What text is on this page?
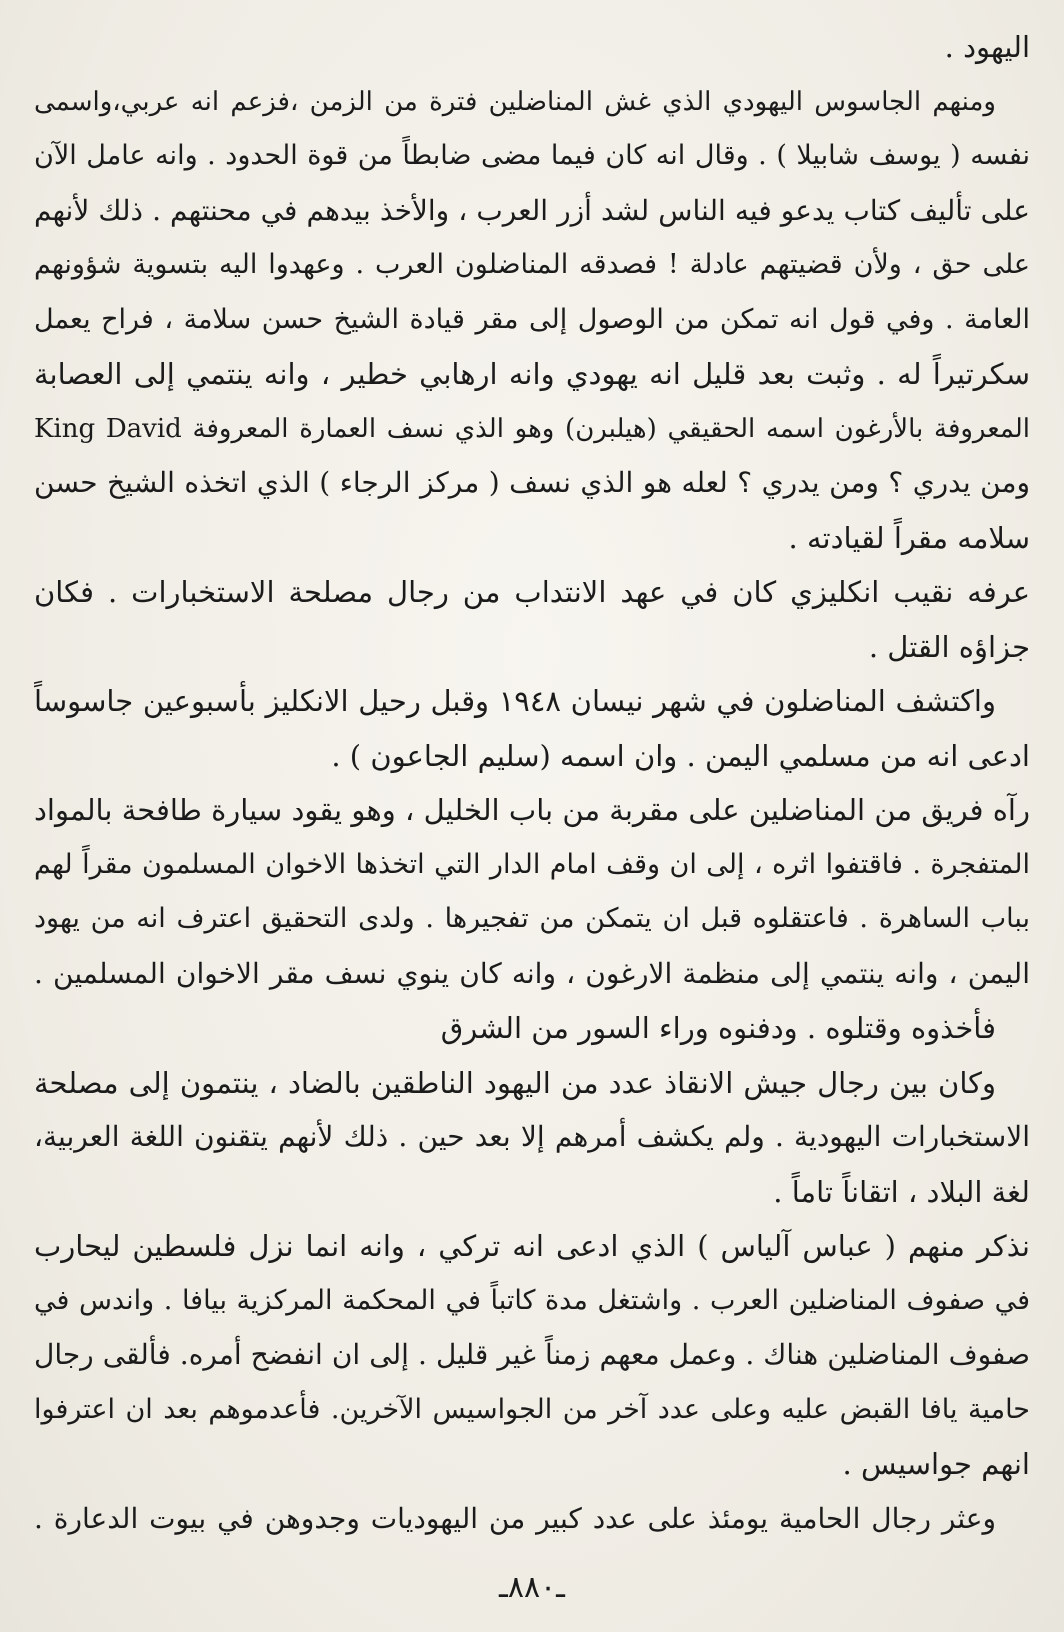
اليهود .
ومنهم الجاسوس اليهودي الذي غش المناضلين فترة من الزمن ،فزعم انه عربي،واسمى
نفسه ( يوسف شابيلا ) . وقال انه كان فيما مضى ضابطاً من قوة الحدود . وانه عامل الآن
على تأليف كتاب يدعو فيه الناس لشد أزر العرب ، والأخذ بيدهم في محنتهم . ذلك لأنهم
على حق ، ولأن قضيتهم عادلة ! فصدقه المناضلون العرب . وعهدوا اليه بتسوية شؤونهم
العامة . وفي قول انه تمكن من الوصول إلى مقر قيادة الشيخ حسن سلامة ، فراح يعمل
سكرتيراً له . وثبت بعد قليل انه يهودي وانه ارهابي خطير ، وانه ينتمي إلى العصابة
المعروفة بالأرغون اسمه الحقيقي (هيلبرن) وهو الذي نسف العمارة المعروفة King David
ومن يدري ؟ ومن يدري ؟ لعله هو الذي نسف ( مركز الرجاء ) الذي اتخذه الشيخ حسن
سلامه مقراً لقيادته .
عرفه نقيب انكليزي كان في عهد الانتداب من رجال مصلحة الاستخبارات . فكان
جزاؤه القتل .
واكتشف المناضلون في شهر نيسان ١٩٤٨ وقبل رحيل الانكليز بأسبوعين جاسوساً
ادعى انه من مسلمي اليمن . وان اسمه (سليم الجاعون ) .
رآه فريق من المناضلين على مقربة من باب الخليل ، وهو يقود سيارة طافحة بالمواد
المتفجرة . فاقتفوا اثره ، إلى ان وقف امام الدار التي اتخذها الاخوان المسلمون مقراً لهم
بباب الساهرة . فاعتقلوه قبل ان يتمكن من تفجيرها . ولدى التحقيق اعترف انه من يهود
اليمن ، وانه ينتمي إلى منظمة الارغون ، وانه كان ينوي نسف مقر الاخوان المسلمين .
فأخذوه وقتلوه . ودفنوه وراء السور من الشرق
وكان بين رجال جيش الانقاذ عدد من اليهود الناطقين بالضاد ، ينتمون إلى مصلحة
الاستخبارات اليهودية . ولم يكشف أمرهم إلا بعد حين . ذلك لأنهم يتقنون اللغة العربية،
لغة البلاد ، اتقاناً تاماً .
نذكر منهم ( عباس آلياس ) الذي ادعى انه تركي ، وانه انما نزل فلسطين ليحارب
في صفوف المناضلين العرب . واشتغل مدة كاتباً في المحكمة المركزية بيافا . واندس في
صفوف المناضلين هناك . وعمل معهم زمناً غير قليل . إلى ان انفضح أمره. فألقى رجال
حامية يافا القبض عليه وعلى عدد آخر من الجواسيس الآخرين. فأعدموهم بعد ان اعترفوا
انهم جواسيس .
وعثر رجال الحامية يومئذ على عدد كبير من اليهوديات وجدوهن في بيوت الدعارة .
ـ٨٨٠ـ
